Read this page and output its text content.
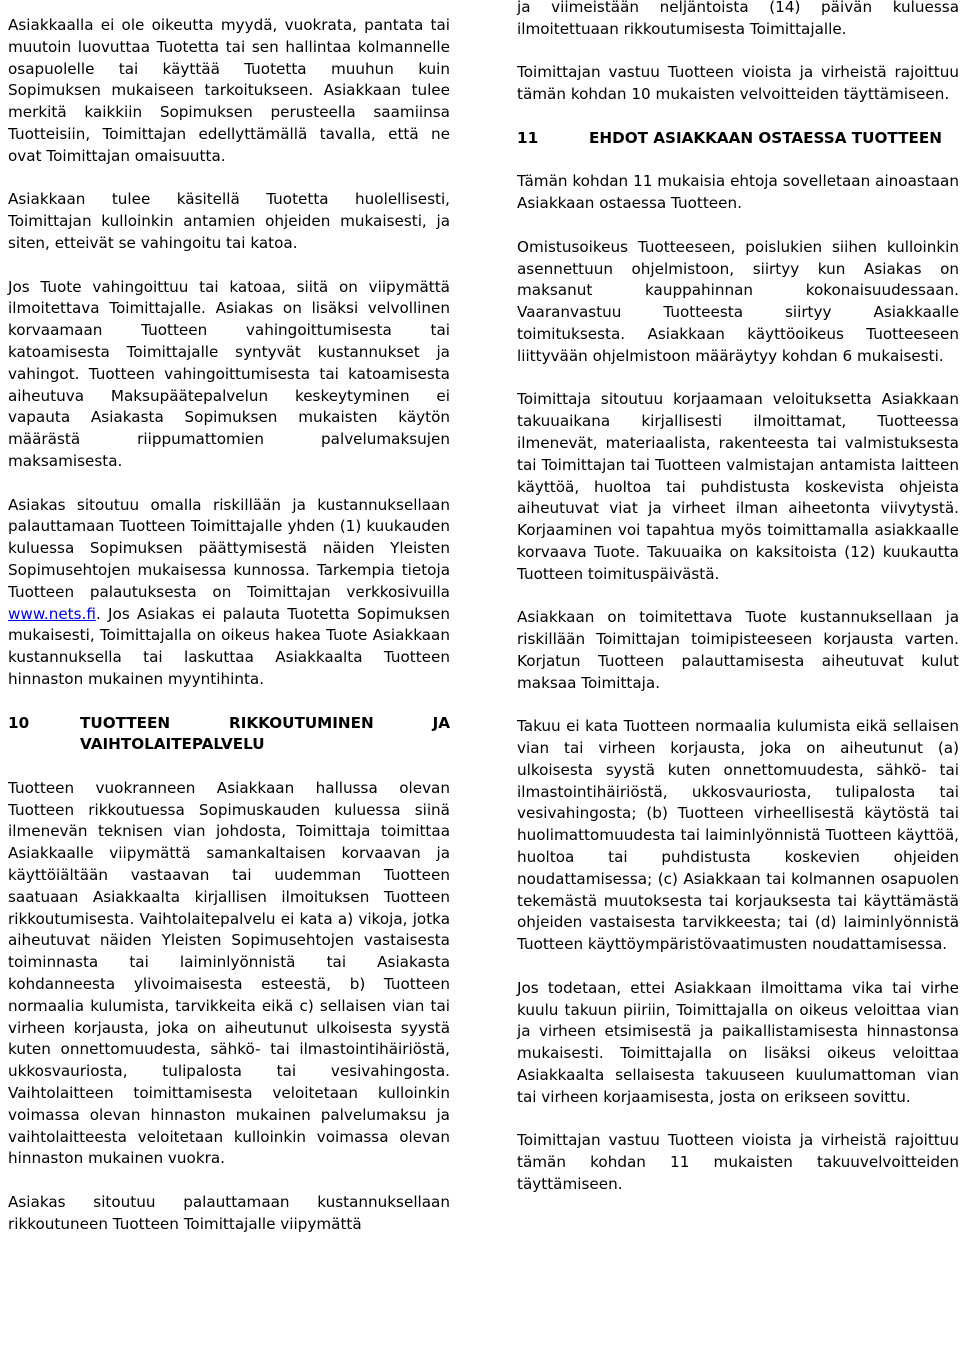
Asiakkaalla ei ole oikeutta myydä, vuokrata, pantata tai muutoin luovuttaa Tuotetta tai sen hallintaa kolmannelle osapuolelle tai käyttää Tuotetta muuhun kuin Sopimuksen mukaiseen tarkoitukseen. Asiakkaan tulee merkitä kaikkiin Sopimuksen perusteella saamiinsa Tuotteisiin, Toimittajan edellyttämällä tavalla, että ne ovat Toimittajan omaisuutta.

Asiakkaan tulee käsitellä Tuotetta huolellisesti, Toimittajan kulloinkin antamien ohjeiden mukaisesti, ja siten, etteivät se vahingoitu tai katoa.

Jos Tuote vahingoittuu tai katoaa, siitä on viipymättä ilmoitettava Toimittajalle. Asiakas on lisäksi velvollinen korvaamaan Tuotteen vahingoittumisesta tai katoamisesta Toimittajalle syntyvät kustannukset ja vahingot. Tuotteen vahingoittumisesta tai katoamisesta aiheutuva Maksupäätepalvelun keskeytyminen ei vapauta Asiakasta Sopimuksen mukaisten käytön määrästä riippumattomien palvelumaksujen maksamisesta.

Asiakas sitoutuu omalla riskillään ja kustannuksellaan palauttamaan Tuotteen Toimittajalle yhden (1) kuukauden kuluessa Sopimuksen päättymisestä näiden Yleisten Sopimusehtojen mukaisessa kunnossa. Tarkempia tietoja Tuotteen palautuksesta on Toimittajan verkkosivuilla www.nets.fi. Jos Asiakas ei palauta Tuotetta Sopimuksen mukaisesti, Toimittajalla on oikeus hakea Tuote Asiakkaan kustannuksella tai laskuttaa Asiakkaalta Tuotteen hinnaston mukainen myyntihinta.

10	TUOTTEEN RIKKOUTUMINEN JA VAIHTOLAITEPALVELU

Tuotteen vuokranneen Asiakkaan hallussa olevan Tuotteen rikkoutuessa Sopimuskauden kuluessa siinä ilmenevän teknisen vian johdosta, Toimittaja toimittaa Asiakkaalle viipymättä samankaltaisen korvaavan ja käyttöiältään vastaavan tai uudemman Tuotteen saatuaan Asiakkaalta kirjallisen ilmoituksen Tuotteen rikkoutumisesta. Vaihtolaitepalvelu ei kata a) vikoja, jotka aiheutuvat näiden Yleisten Sopimusehtojen vastaisesta toiminnasta tai laiminlyönnistä tai Asiakasta kohdanneesta ylivoimaisesta esteestä, b) Tuotteen normaalia kulumista, tarvikkeita eikä c) sellaisen vian tai virheen korjausta, joka on aiheutunut ulkoisesta syystä kuten onnettomuudesta, sähkö- tai ilmastointihäiriöstä, ukkosvauriosta, tulipalosta tai vesivahingosta. Vaihtolaitteen toimittamisesta veloitetaan kulloinkin voimassa olevan hinnaston mukainen palvelumaksu ja vaihtolaitteesta veloitetaan kulloinkin voimassa olevan hinnaston mukainen vuokra.

Asiakas sitoutuu palauttamaan kustannuksellaan rikkoutuneen Tuotteen Toimittajalle viipymättä

ja viimeistään neljäntoista (14) päivän kuluessa ilmoitettuaan rikkoutumisesta Toimittajalle.

Toimittajan vastuu Tuotteen vioista ja virheistä rajoittuu tämän kohdan 10 mukaisten velvoitteiden täyttämiseen.

11	EHDOT ASIAKKAAN OSTAESSA TUOTTEEN

Tämän kohdan 11 mukaisia ehtoja sovelletaan ainoastaan Asiakkaan ostaessa Tuotteen.

Omistusoikeus Tuotteeseen, poislukien siihen kulloinkin asennettuun ohjelmistoon, siirtyy kun Asiakas on maksanut kauppahinnan kokonaisuudessaan. Vaaranvastuu Tuotteesta siirtyy Asiakkaalle toimituksesta. Asiakkaan käyttöoikeus Tuotteeseen liittyvään ohjelmistoon määräytyy kohdan 6 mukaisesti.

Toimittaja sitoutuu korjaamaan veloituksetta Asiakkaan takuuaikana kirjallisesti ilmoittamat, Tuotteessa ilmenevät, materiaalista, rakenteesta tai valmistuksesta tai Toimittajan tai Tuotteen valmistajan antamista laitteen käyttöä, huoltoa tai puhdistusta koskevista ohjeista aiheutuvat viat ja virheet ilman aiheetonta viivytystä. Korjaaminen voi tapahtua myös toimittamalla asiakkaalle korvaava Tuote. Takuuaika on kaksitoista (12) kuukautta Tuotteen toimituspäivästä.

Asiakkaan on toimitettava Tuote kustannuksellaan ja riskillään Toimittajan toimipisteeseen korjausta varten. Korjatun Tuotteen palauttamisesta aiheutuvat kulut maksaa Toimittaja.

Takuu ei kata Tuotteen normaalia kulumista eikä sellaisen vian tai virheen korjausta, joka on aiheutunut (a) ulkoisesta syystä kuten onnettomuudesta, sähkö- tai ilmastointihäiriöstä, ukkosvauriosta, tulipalosta tai vesivahingosta; (b) Tuotteen virheellisestä käytöstä tai huolimattomuudesta tai laiminlyönnistä Tuotteen käyttöä, huoltoa tai puhdistusta koskevien ohjeiden noudattamisessa; (c) Asiakkaan tai kolmannen osapuolen tekemästä muutoksesta tai korjauksesta tai käyttämästä ohjeiden vastaisesta tarvikkeesta; tai (d) laiminlyönnistä Tuotteen käyttöympäristövaatimusten noudattamisessa.

Jos todetaan, ettei Asiakkaan ilmoittama vika tai virhe kuulu takuun piiriin, Toimittajalla on oikeus veloittaa vian ja virheen etsimisestä ja paikallistamisesta hinnastonsa mukaisesti. Toimittajalla on lisäksi oikeus veloittaa Asiakkaalta sellaisesta takuuseen kuulumattoman vian tai virheen korjaamisesta, josta on erikseen sovittu.

Toimittajan vastuu Tuotteen vioista ja virheistä rajoittuu tämän kohdan 11 mukaisten takuuvelvoitteiden täyttämiseen.
